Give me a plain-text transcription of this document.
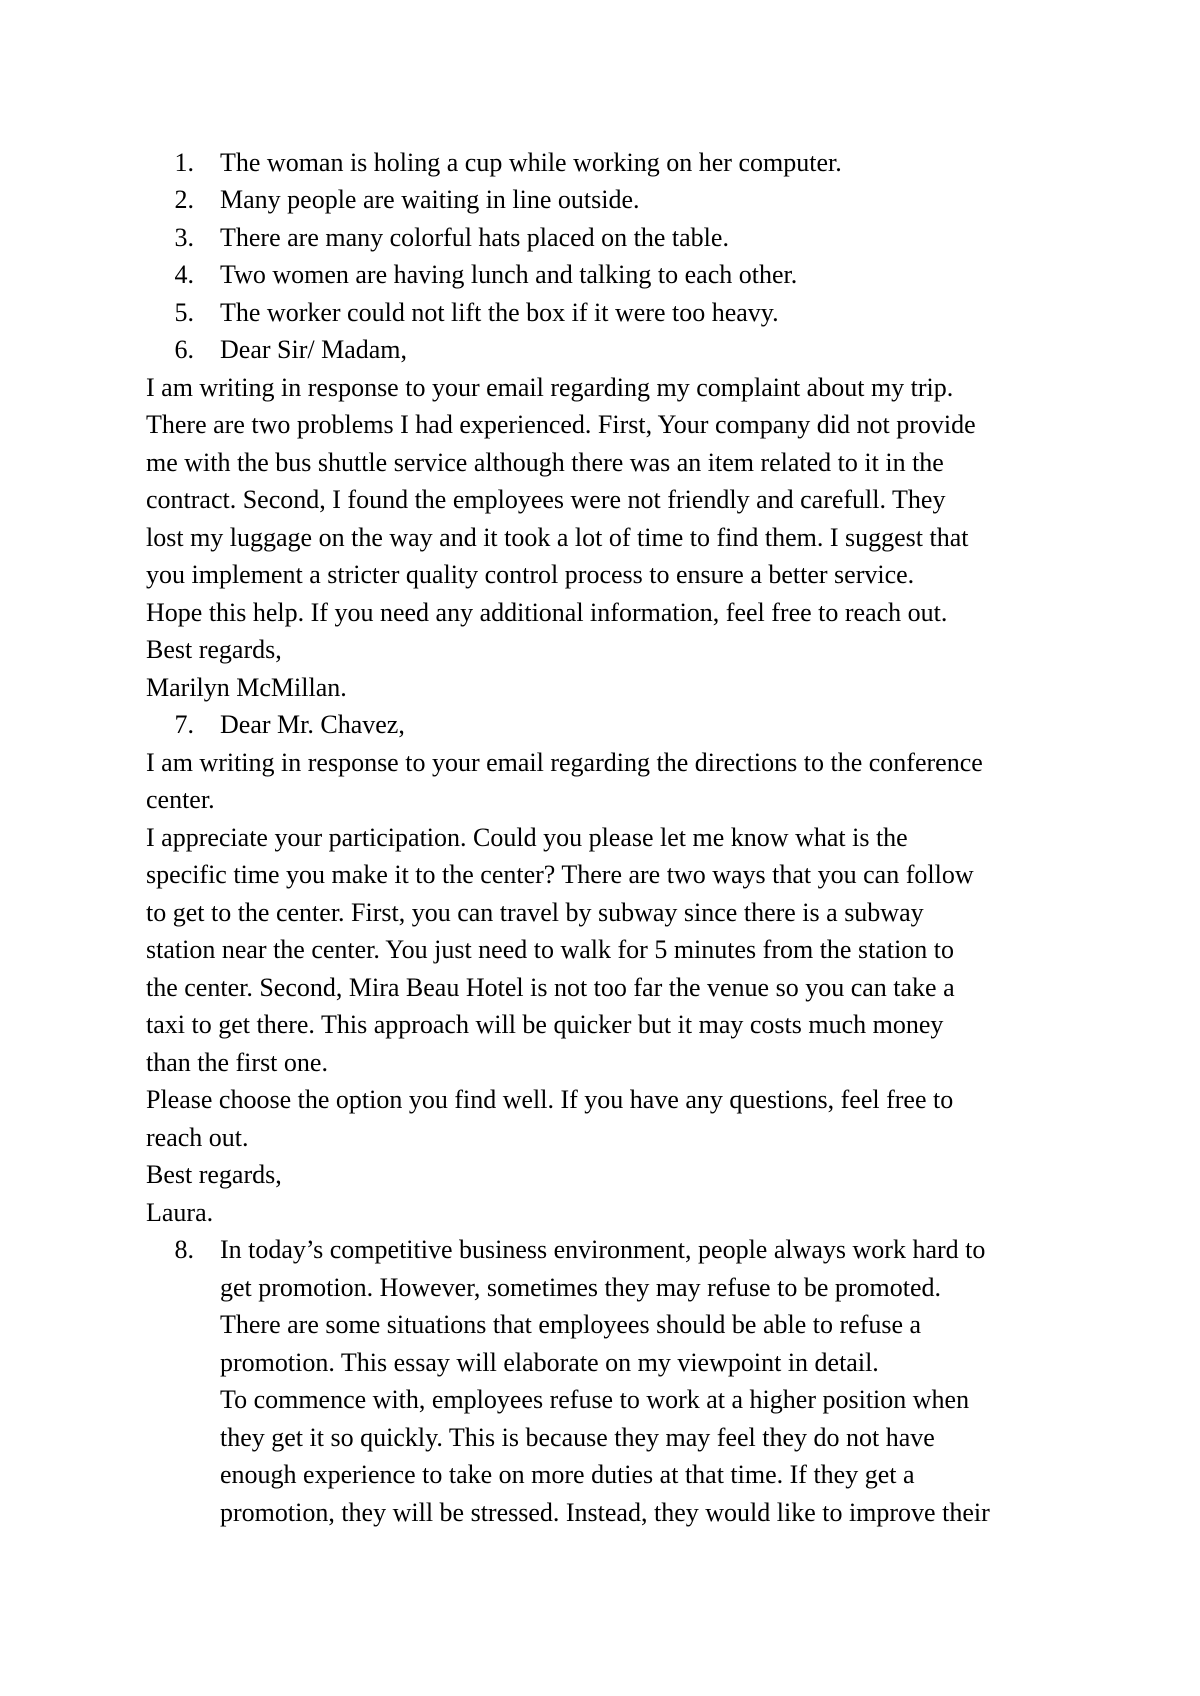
1. The woman is holing a cup while working on her computer.
2. Many people are waiting in line outside.
3. There are many colorful hats placed on the table.
4. Two women are having lunch and talking to each other.
5. The worker could not lift the box if it were too heavy.
6. Dear Sir/ Madam,
I am writing in response to your email regarding my complaint about my trip.
There are two problems I had experienced. First, Your company did not provide
me with the bus shuttle service although there was an item related to it in the
contract. Second, I found the employees were not friendly and carefull. They
lost my luggage on the way and it took a lot of time to find them. I suggest that
you implement a stricter quality control process to ensure a better service.
Hope this help. If you need any additional information, feel free to reach out.
Best regards,
Marilyn McMillan.
7. Dear Mr. Chavez,
I am writing in response to your email regarding the directions to the conference
center.
I appreciate your participation. Could you please let me know what is the
specific time you make it to the center? There are two ways that you can follow
to get to the center. First, you can travel by subway since there is a subway
station near the center. You just need to walk for 5 minutes from the station to
the center. Second, Mira Beau Hotel is not too far the venue so you can take a
taxi to get there. This approach will be quicker but it may costs much money
than the first one.
Please choose the option you find well. If you have any questions, feel free to
reach out.
Best regards,
Laura.
8. In today’s competitive business environment, people always work hard to
get promotion. However, sometimes they may refuse to be promoted.
There are some situations that employees should be able to refuse a
promotion. This essay will elaborate on my viewpoint in detail.
To commence with, employees refuse to work at a higher position when
they get it so quickly. This is because they may feel they do not have
enough experience to take on more duties at that time. If they get a
promotion, they will be stressed. Instead, they would like to improve their
